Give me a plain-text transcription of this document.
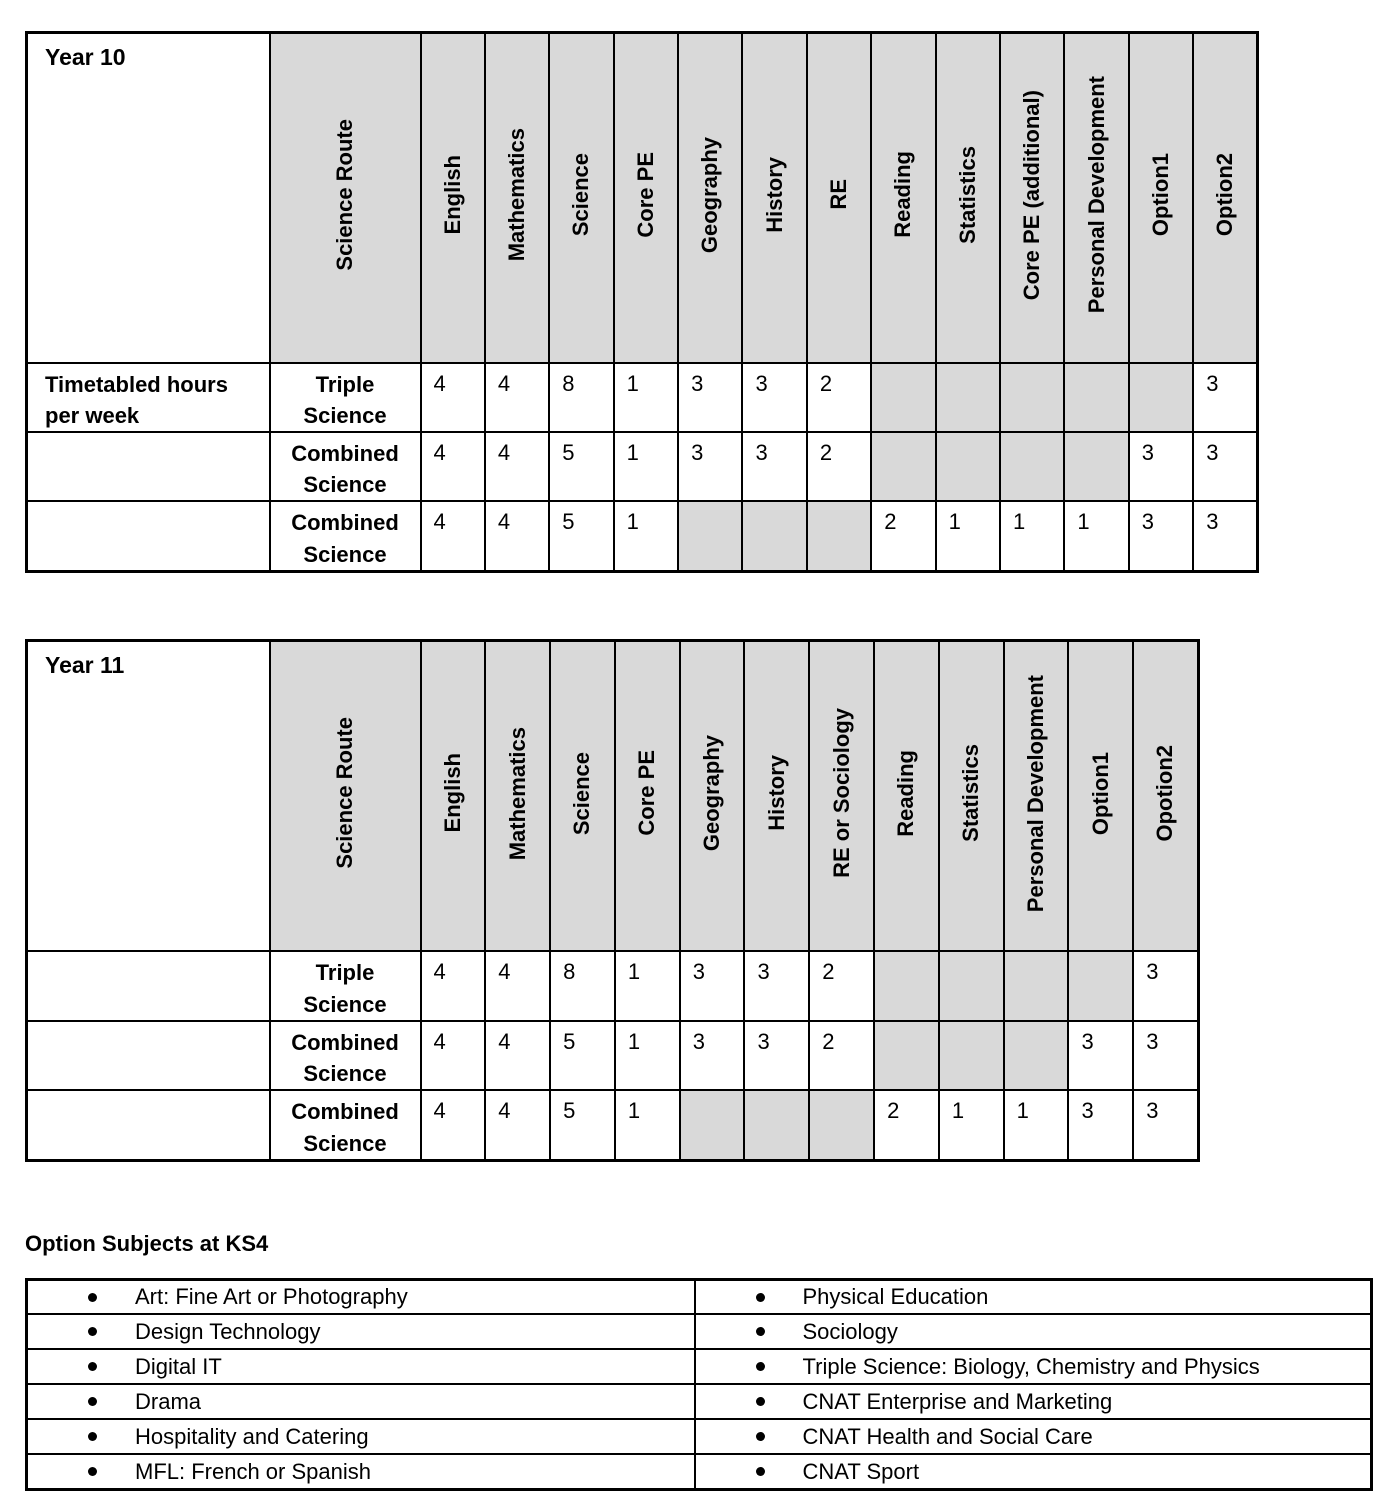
Year 10	Science Route	English	Mathematics	Science	Core PE	Geography	History	RE	Reading	Statistics	Core PE (additional)	Personal Development	Option1	Option2
Timetabled hours per week	Triple Science	4	4	8	1	3	3	2						3
	Combined Science	4	4	5	1	3	3	2					3	3
	Combined Science	4	4	5	1				2	1	1	1	3	3
Year 11	Science Route	English	Mathematics	Science	Core PE	Geography	History	RE or Sociology	Reading	Statistics	Personal Development	Option1	Opotion2
	Triple Science	4	4	8	1	3	3	2					3
	Combined Science	4	4	5	1	3	3	2				3	3
	Combined Science	4	4	5	1				2	1	1	3	3
Option Subjects at KS4
Art: Fine Art or Photography	Physical Education

Design Technology	Sociology

Digital IT	Triple Science: Biology, Chemistry and Physics

Drama	CNAT Enterprise and Marketing

Hospitality and Catering	CNAT Health and Social Care

MFL: French or Spanish	CNAT Sport
